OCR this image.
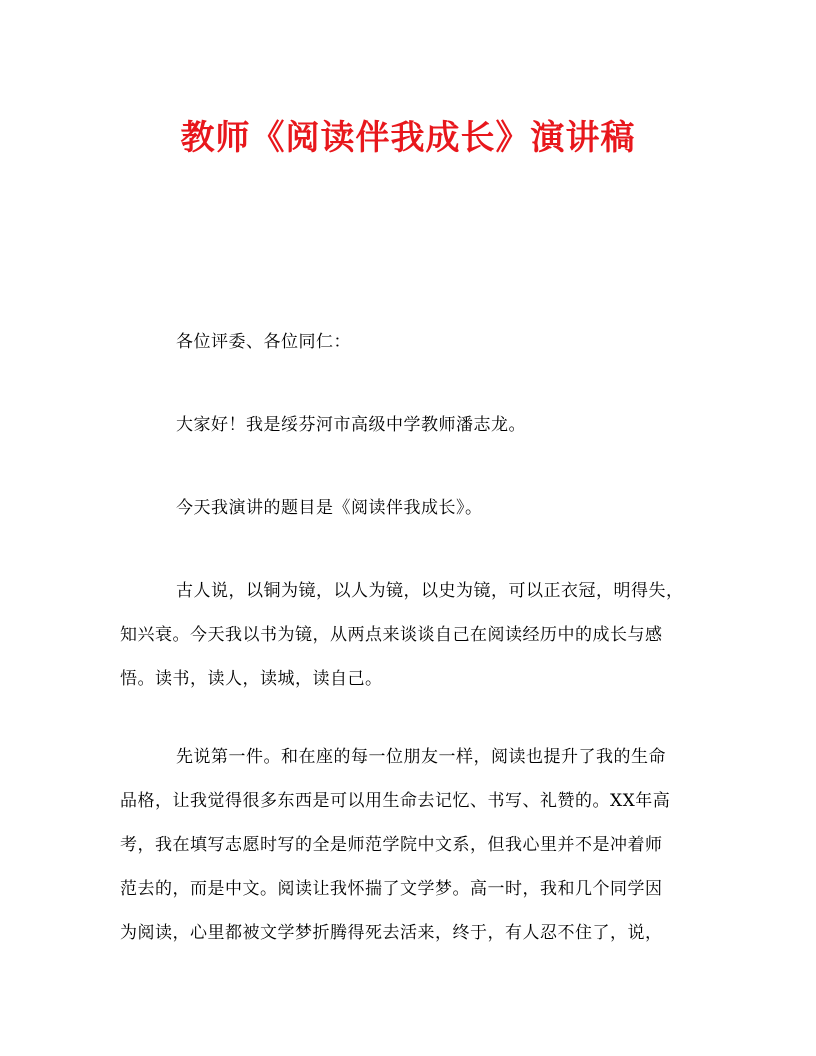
教师《阅读伴我成长》演讲稿

各位评委、各位同仁：

大家好！我是绥芬河市高级中学教师潘志龙。

今天我演讲的题目是《阅读伴我成长》。

古人说，以铜为镜，以人为镜，以史为镜，可以正衣冠，明得失，

知兴衰。今天我以书为镜，从两点来谈谈自己在阅读经历中的成长与感

悟。读书，读人，读城，读自己。

先说第一件。和在座的每一位朋友一样，阅读也提升了我的生命

品格，让我觉得很多东西是可以用生命去记忆、书写、礼赞的。XX年高

考，我在填写志愿时写的全是师范学院中文系，但我心里并不是冲着师

范去的，而是中文。阅读让我怀揣了文学梦。高一时，我和几个同学因

为阅读，心里都被文学梦折腾得死去活来，终于，有人忍不住了，说，
